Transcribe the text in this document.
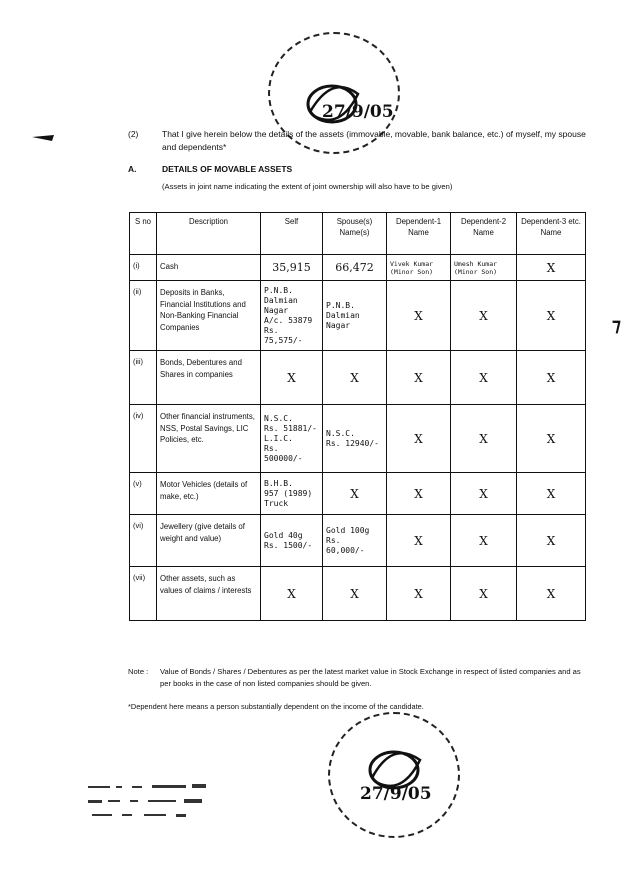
27/9/05
⁊
(2)	That I give herein below the details of the assets (immovable, movable, bank balance, etc.) of myself, my spouse and dependents*
A.	DETAILS OF MOVABLE ASSETS
(Assets in joint name indicating the extent of joint ownership will also have to be given)
S no	Description	Self	Spouse(s) Name(s)	Dependent-1 Name	Dependent-2 Name	Dependent-3 etc. Name
(i)	Cash	35,915	66,472	Vivek Kumar (Minor Son)	Umesh Kumar (Minor Son)	X
(ii)	Deposits in Banks, Financial Institutions and Non-Banking Financial Companies	P.N.B.
Dalmian
Nagar
A/c. 53879
Rs. 75,575/-	P.N.B.
Dalmian
Nagar	X	X	X
(iii)	Bonds, Debentures and Shares in companies	X	X	X	X	X
(iv)	Other financial instruments, NSS, Postal Savings, LIC Policies, etc.	N.S.C.
Rs. 51881/-
L.I.C.
Rs. 500000/-	N.S.C.
Rs. 12940/-	X	X	X
(v)	Motor Vehicles (details of make, etc.)	B.H.B.
957 (1989)
Truck	X	X	X	X
(vi)	Jewellery (give details of weight and value)	Gold 40g
Rs. 1500/-	Gold 100g
Rs. 60,000/-	X	X	X
(vii)	Other assets, such as values of claims / interests	X	X	X	X	X
Note : Value of Bonds / Shares / Debentures as per the latest market value in Stock Exchange in respect of listed companies and as per books in the case of non listed companies should be given.
*Dependent here means a person substantially dependent on the income of the candidate.
27/9/05
